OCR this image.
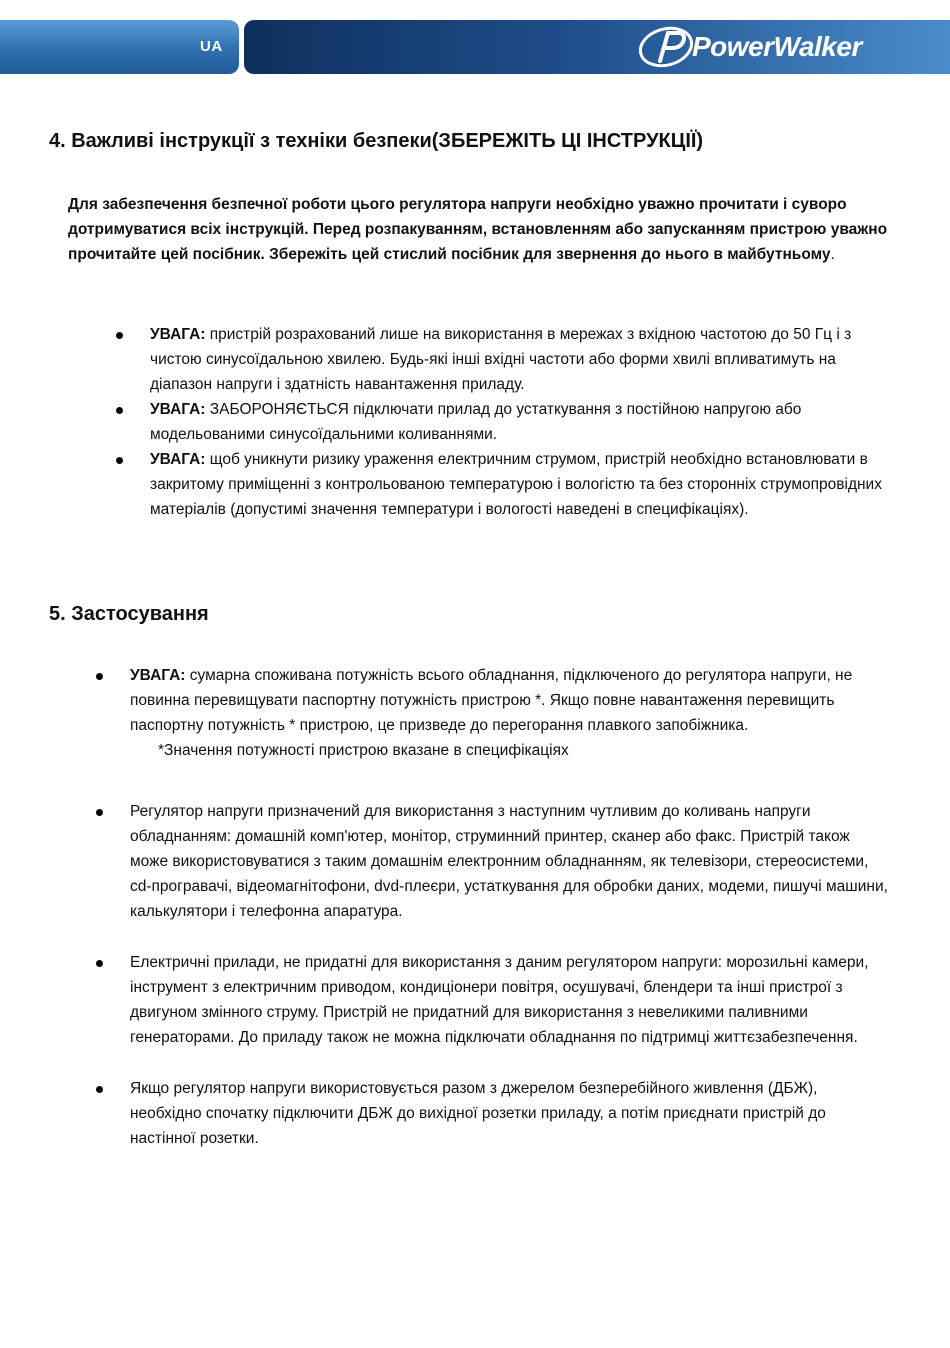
UA	PowerWalker
4. Важливі інструкції з техніки безпеки(ЗБЕРЕЖІТЬ ЦІ ІНСТРУКЦІЇ)

Для забезпечення безпечної роботи цього регулятора напруги необхідно уважно прочитати і суворо дотримуватися всіх інструкцій. Перед розпакуванням, встановленням або запусканням пристрою уважно прочитайте цей посібник. Збережіть цей стислий посібник для звернення до нього в майбутньому.

УВАГА: пристрій розрахований лише на використання в мережах з вхідною частотою до 50 Гц і з чистою синусоїдальною хвилею. Будь-які інші вхідні частоти або форми хвилі впливатимуть на діапазон напруги і здатність навантаження приладу.
УВАГА: ЗАБОРОНЯЄТЬСЯ підключати прилад до устаткування з постійною напругою або модельованими синусоїдальними коливаннями.
УВАГА: щоб уникнути ризику ураження електричним струмом, пристрій необхідно встановлювати в закритому приміщенні з контрольованою температурою і вологістю та без сторонніх струмопровідних матеріалів (допустимі значення температури і вологості наведені в специфікаціях).
5. Застосування
УВАГА: сумарна споживана потужність всього обладнання, підключеного до регулятора напруги, не повинна перевищувати паспортну потужність пристрою *. Якщо повне навантаження перевищить паспортну потужність * пристрою, це призведе до перегорання плавкого запобіжника.
*Значення потужності пристрою вказане в специфікаціях
Регулятор напруги призначений для використання з наступним чутливим до коливань напруги обладнанням: домашній комп'ютер, монітор, струминний принтер, сканер або факс. Пристрій також може використовуватися з таким домашнім електронним обладнанням, як телевізори, стереосистеми, cd-програвачі, відеомагнітофони, dvd-плеєри, устаткування для обробки даних, модеми, пишучі машини, калькулятори і телефонна апаратура.
Електричні прилади, не придатні для використання з даним регулятором напруги: морозильні камери, інструмент з електричним приводом, кондиціонери повітря, осушувачі, блендери та інші пристрої з двигуном змінного струму. Пристрій не придатний для використання з невеликими паливними генераторами. До приладу також не можна підключати обладнання по підтримці життєзабезпечення.
Якщо регулятор напруги використовується разом з джерелом безперебійного живлення (ДБЖ), необхідно спочатку підключити ДБЖ до вихідної розетки приладу, а потім приєднати пристрій до настінної розетки.
